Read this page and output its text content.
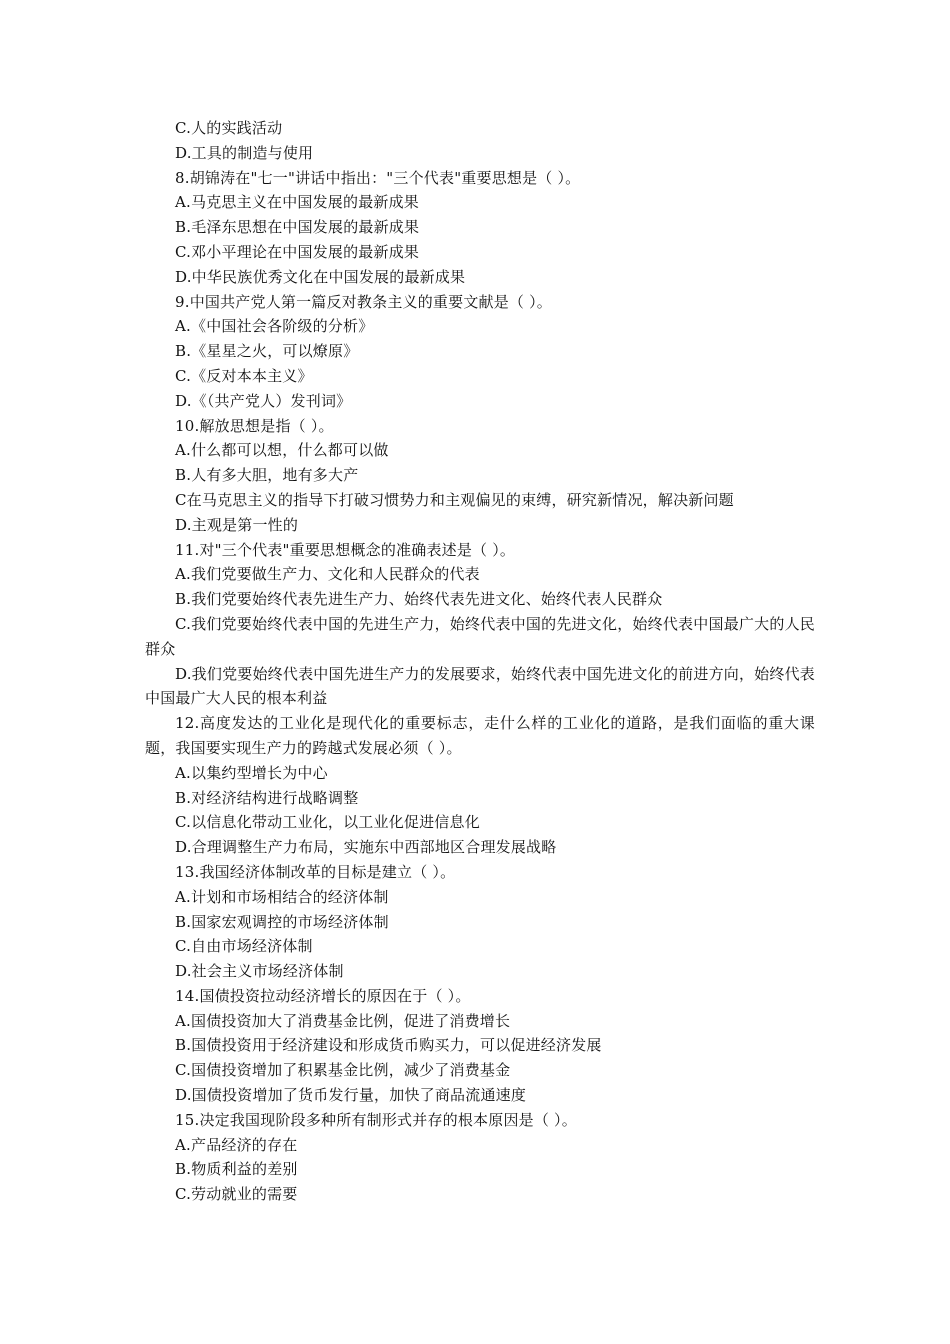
C.人的实践活动
D.工具的制造与使用
8.胡锦涛在"七一"讲话中指出："三个代表"重要思想是（ ）。
A.马克思主义在中国发展的最新成果
B.毛泽东思想在中国发展的最新成果
C.邓小平理论在中国发展的最新成果
D.中华民族优秀文化在中国发展的最新成果
9.中国共产党人第一篇反对教条主义的重要文献是（ ）。
A.《中国社会各阶级的分析》
B.《星星之火，可以燎原》
C.《反对本本主义》
D.《（共产党人）发刊词》
10.解放思想是指（ ）。
A.什么都可以想，什么都可以做
B.人有多大胆，地有多大产
C在马克思主义的指导下打破习惯势力和主观偏见的束缚，研究新情况，解决新问题
D.主观是第一性的
11.对"三个代表"重要思想概念的准确表述是（ ）。
A.我们党要做生产力、文化和人民群众的代表
B.我们党要始终代表先进生产力、始终代表先进文化、始终代表人民群众
C.我们党要始终代表中国的先进生产力，始终代表中国的先进文化，始终代表中国最广大的人民群众
D.我们党要始终代表中国先进生产力的发展要求，始终代表中国先进文化的前进方向，始终代表中国最广大人民的根本利益
12.高度发达的工业化是现代化的重要标志，走什么样的工业化的道路，是我们面临的重大课题，我国要实现生产力的跨越式发展必须（ ）。
A.以集约型增长为中心
B.对经济结构进行战略调整
C.以信息化带动工业化，以工业化促进信息化
D.合理调整生产力布局，实施东中西部地区合理发展战略
13.我国经济体制改革的目标是建立（ ）。
A.计划和市场相结合的经济体制
B.国家宏观调控的市场经济体制
C.自由市场经济体制
D.社会主义市场经济体制
14.国债投资拉动经济增长的原因在于（ ）。
A.国债投资加大了消费基金比例，促进了消费增长
B.国债投资用于经济建设和形成货币购买力，可以促进经济发展
C.国债投资增加了积累基金比例，减少了消费基金
D.国债投资增加了货币发行量，加快了商品流通速度
15.决定我国现阶段多种所有制形式并存的根本原因是（ ）。
A.产品经济的存在
B.物质利益的差别
C.劳动就业的需要
